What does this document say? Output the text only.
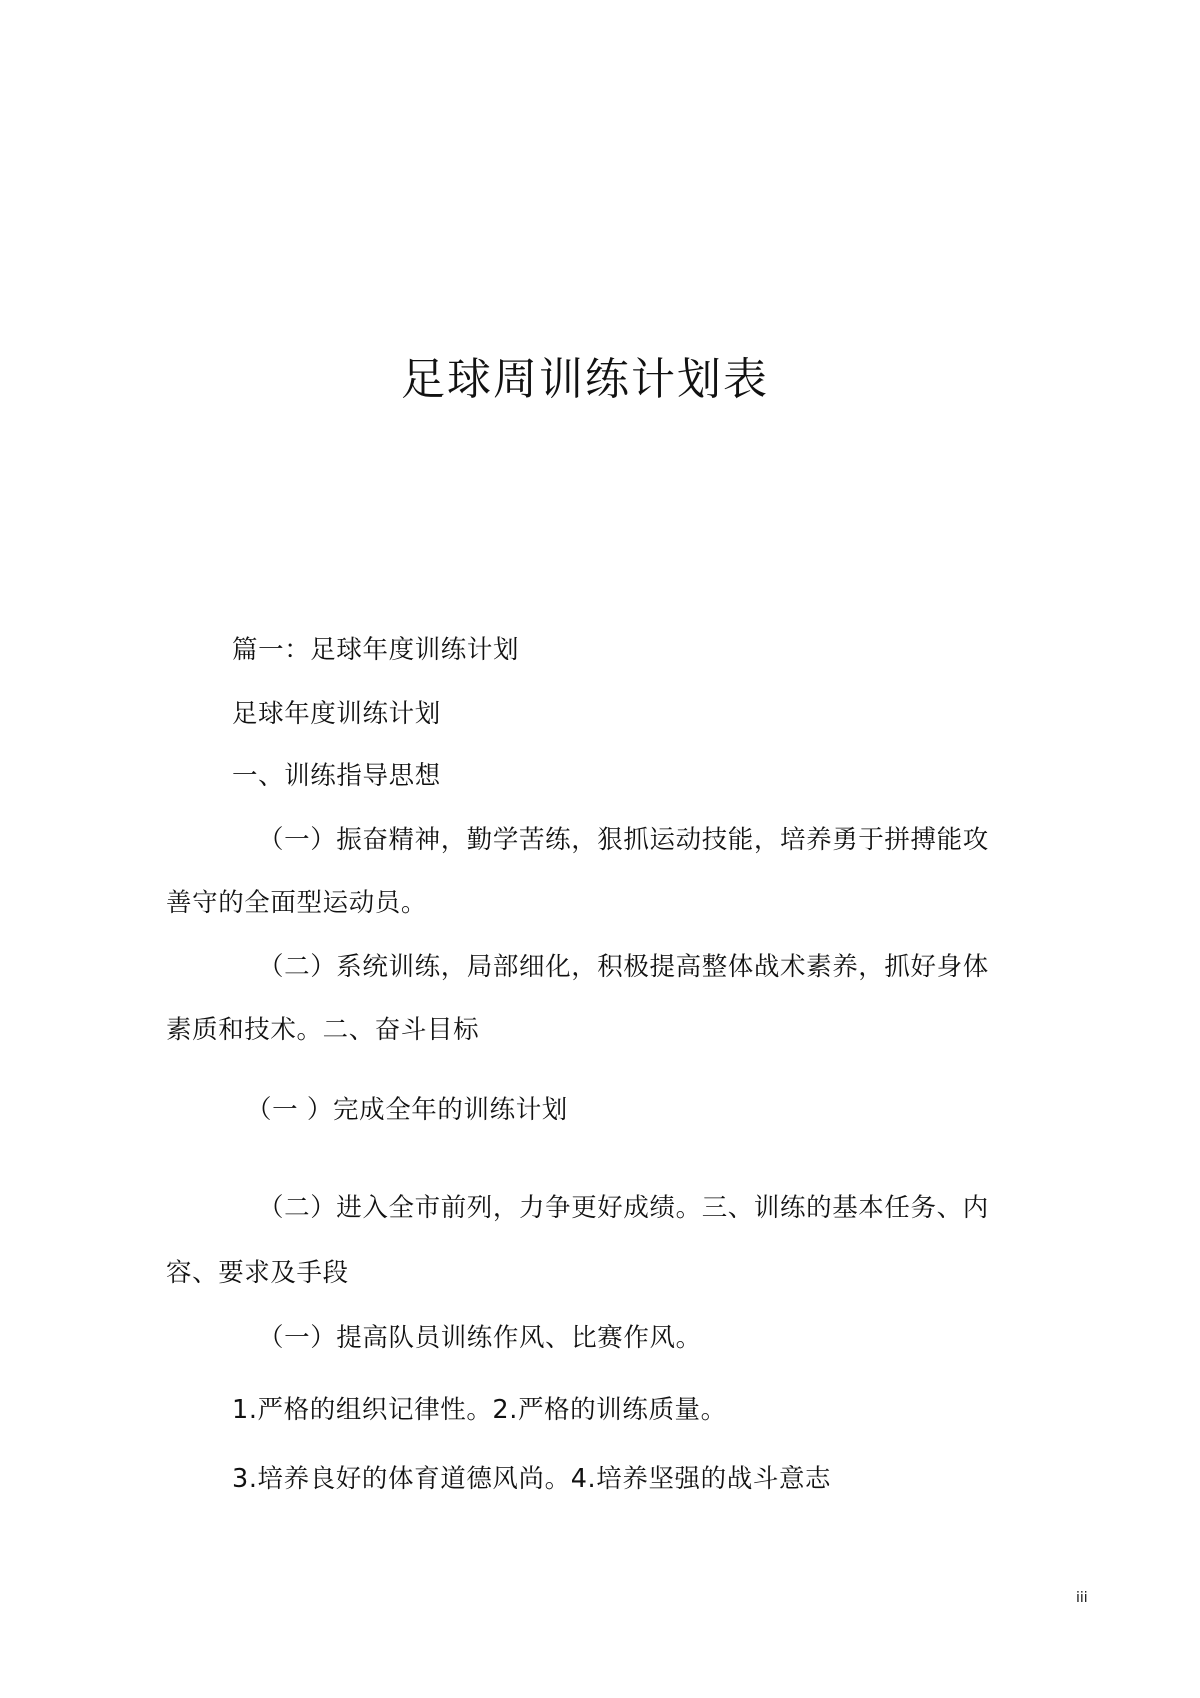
足球周训练计划表
篇一：足球年度训练计划
足球年度训练计划
一、训练指导思想
（一）振奋精神，勤学苦练，狠抓运动技能，培养勇于拼搏能攻
善守的全面型运动员。
（二）系统训练，局部细化，积极提高整体战术素养，抓好身体
素质和技术。二、奋斗目标
（一 ）完成全年的训练计划
（二）进入全市前列，力争更好成绩。三、训练的基本任务、内
容、要求及手段
（一）提高队员训练作风、比赛作风。
1.严格的组织记律性。2.严格的训练质量。
3.培养良好的体育道德风尚。4.培养坚强的战斗意志
iii
